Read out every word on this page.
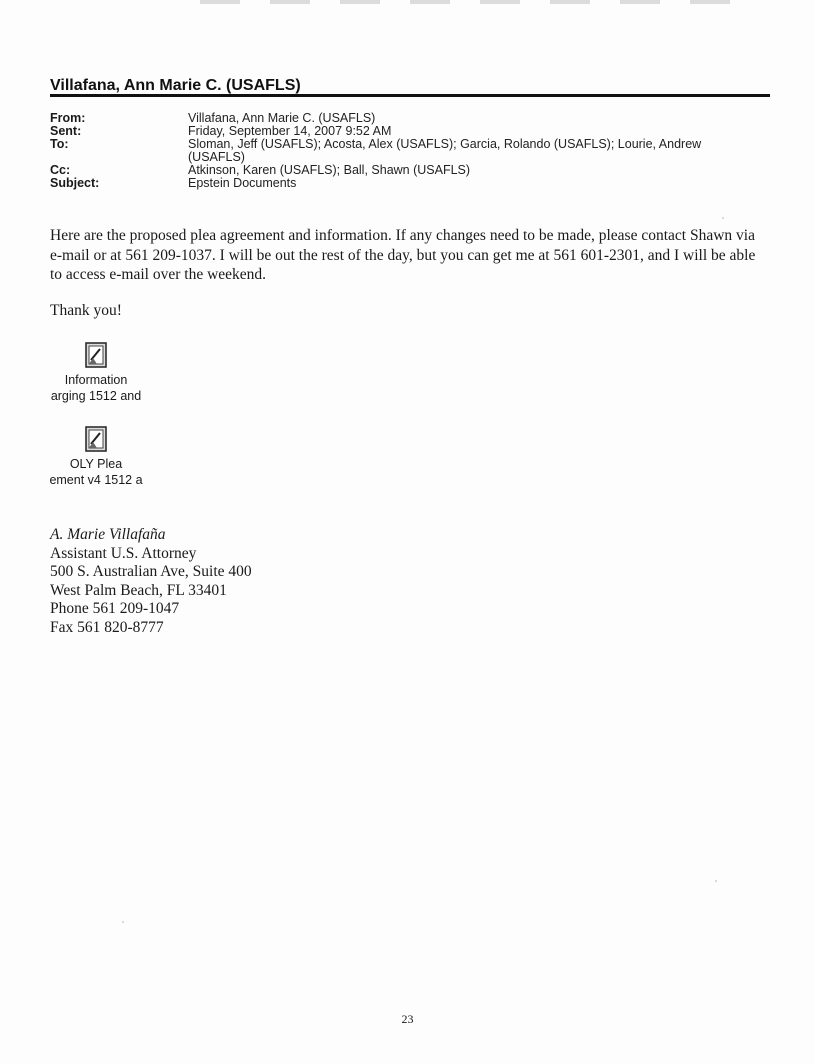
Villafana, Ann Marie C. (USAFLS)
From:	Villafana, Ann Marie C. (USAFLS)
Sent:	Friday, September 14, 2007 9:52 AM
To:	Sloman, Jeff (USAFLS); Acosta, Alex (USAFLS); Garcia, Rolando (USAFLS); Lourie, Andrew (USAFLS)
Cc:	Atkinson, Karen (USAFLS); Ball, Shawn (USAFLS)
Subject:	Epstein Documents

Here are the proposed plea agreement and information. If any changes need to be made, please contact Shawn via e-mail or at 561 209-1037. I will be out the rest of the day, but you can get me at 561 601-2301, and I will be able to access e-mail over the weekend.

Thank you!

Information
arging 1512 and
OLY Plea
ement v4 1512 a
A. Marie Villafaña
Assistant U.S. Attorney
500 S. Australian Ave, Suite 400
West Palm Beach, FL 33401
Phone 561 209-1047
Fax 561 820-8777
23
